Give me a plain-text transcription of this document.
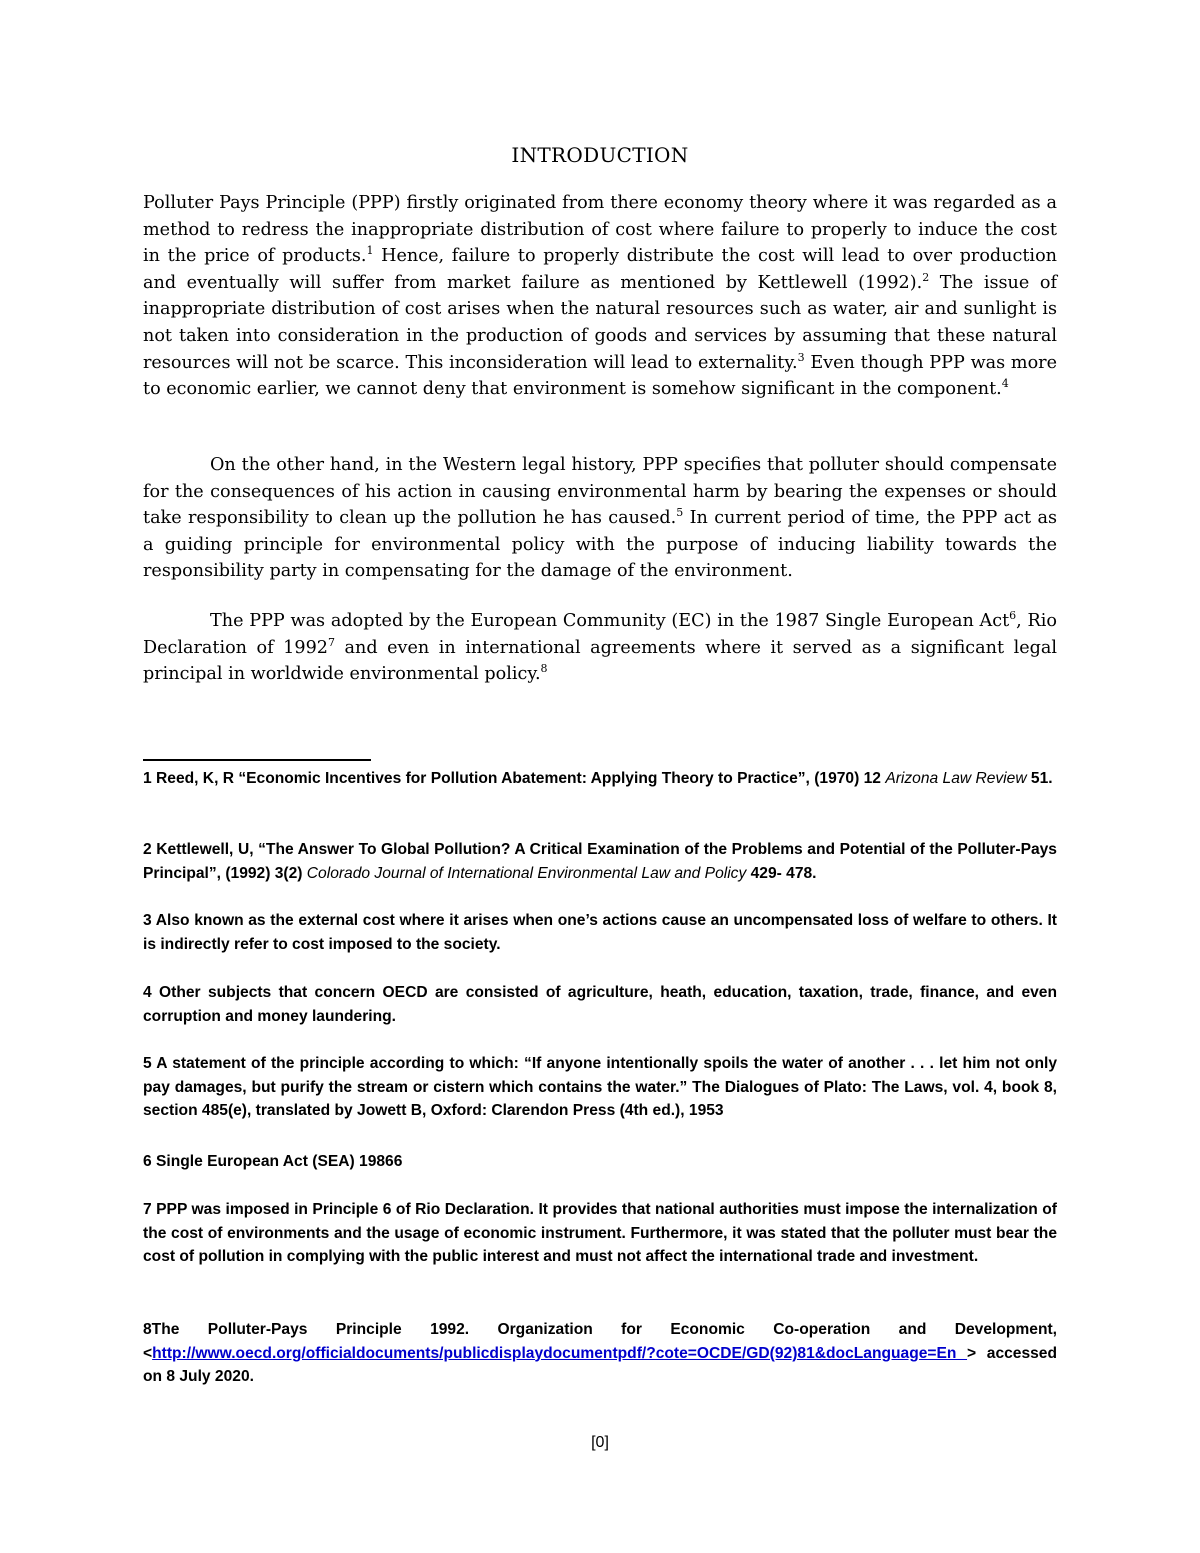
INTRODUCTION

Polluter Pays Principle (PPP) firstly originated from there economy theory where it was regarded as a method to redress the inappropriate distribution of cost where failure to properly to induce the cost in the price of products.$^1$ Hence, failure to properly distribute the cost will lead to over production and eventually will suffer from market failure as mentioned by Kettlewell (1992).$^2$ The issue of inappropriate distribution of cost arises when the natural resources such as water, air and sunlight is not taken into consideration in the production of goods and services by assuming that these natural resources will not be scarce. This inconsideration will lead to externality.$^3$ Even though PPP was more to economic earlier, we cannot deny that environment is somehow significant in the component.$^4$

On the other hand, in the Western legal history, PPP specifies that polluter should compensate for the consequences of his action in causing environmental harm by bearing the expenses or should take responsibility to clean up the pollution he has caused.$^5$ In current period of time, the PPP act as a guiding principle for environmental policy with the purpose of inducing liability towards the responsibility party in compensating for the damage of the environment.

The PPP was adopted by the European Community (EC) in the 1987 Single European Act$^6$, Rio Declaration of 1992$^7$ and even in international agreements where it served as a significant legal principal in worldwide environmental policy.$^8$

1 Reed, K, R “Economic Incentives for Pollution Abatement: Applying Theory to Practice”, (1970) 12 Arizona Law Review 51.

2 Kettlewell, U, “The Answer To Global Pollution? A Critical Examination of the Problems and Potential of the Polluter-Pays Principal”, (1992) 3(2) Colorado Journal of International Environmental Law and Policy 429- 478.

3 Also known as the external cost where it arises when one’s actions cause an uncompensated loss of welfare to others. It is indirectly refer to cost imposed to the society.

4 Other subjects that concern OECD are consisted of agriculture, heath, education, taxation, trade, finance, and even corruption and money laundering.

5 A statement of the principle according to which: “If anyone intentionally spoils the water of another . . . let him not only pay damages, but purify the stream or cistern which contains the water.” The Dialogues of Plato: The Laws, vol. 4, book 8, section 485(e), translated by Jowett B, Oxford: Clarendon Press (4th ed.), 1953

6 Single European Act (SEA) 19866

7 PPP was imposed in Principle 6 of Rio Declaration. It provides that national authorities must impose the internalization of the cost of environments and the usage of economic instrument. Furthermore, it was stated that the polluter must bear the cost of pollution in complying with the public interest and must not affect the international trade and investment.

8The Polluter-Pays Principle 1992. Organization for Economic Co-operation and Development, <http://www.oecd.org/officialdocuments/publicdisplaydocumentpdf/?cote=OCDE/GD(92)81&docLanguage=En > accessed on 8 July 2020.

[0]
